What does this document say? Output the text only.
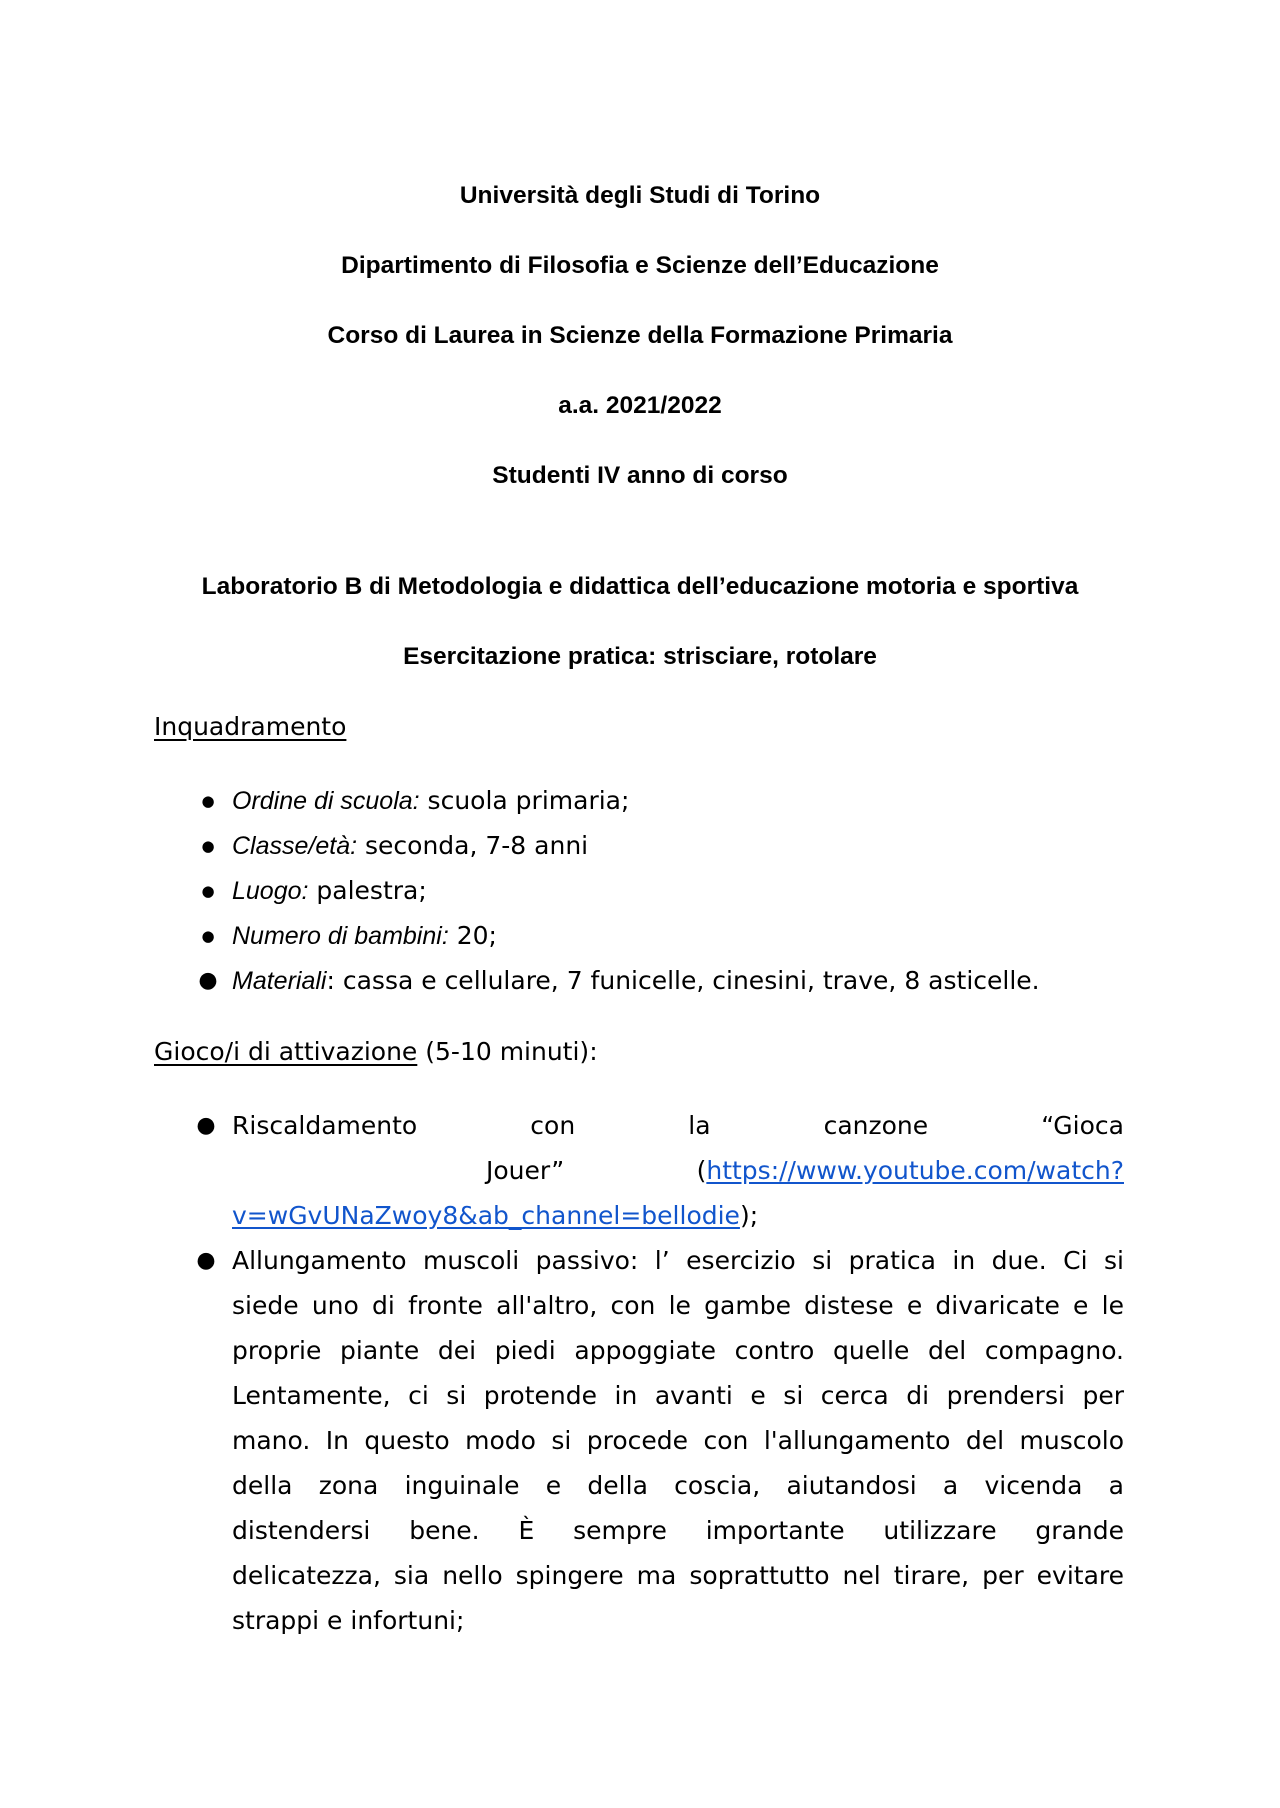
Università degli Studi di Torino
Dipartimento di Filosofia e Scienze dell’Educazione
Corso di Laurea in Scienze della Formazione Primaria
a.a. 2021/2022
Studenti IV anno di corso
Laboratorio B di Metodologia e didattica dell’educazione motoria e sportiva
Esercitazione pratica: strisciare, rotolare
Inquadramento
● Ordine di scuola: scuola primaria;
● Classe/età: seconda, 7-8 anni
● Luogo: palestra;
● Numero di bambini: 20;
● Materiali: cassa e cellulare, 7 funicelle, cinesini, trave, 8 asticelle.
Gioco/i di attivazione (5-10 minuti):
● Riscaldamento	con	la	canzone	“Gioca
Jouer”	(https://www.youtube.com/watch?
v=wGvUNaZwoy8&ab_channel=bellodie);
● Allungamento muscoli passivo: l’ esercizio si pratica in due. Ci si
siede uno di fronte all'altro, con le gambe distese e divaricate e le
proprie piante dei piedi appoggiate contro quelle del compagno.
Lentamente, ci si protende in avanti e si cerca di prendersi per
mano. In questo modo si procede con l'allungamento del muscolo
della zona inguinale e della coscia, aiutandosi a vicenda a
distendersi bene. È sempre importante utilizzare grande
delicatezza, sia nello spingere ma soprattutto nel tirare, per evitare
strappi e infortuni;
